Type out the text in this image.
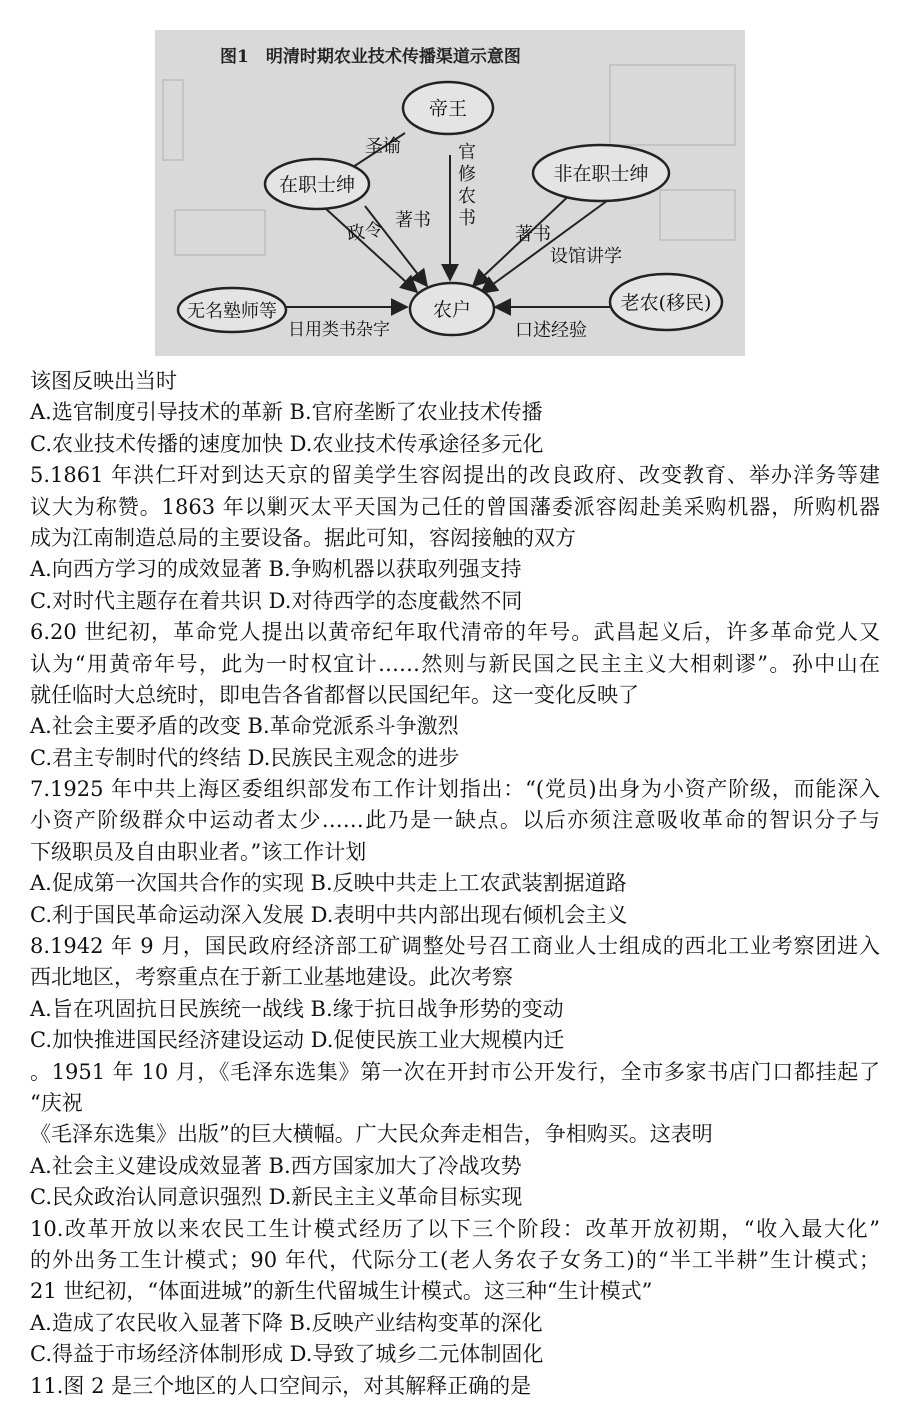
图1　明清时期农业技术传播渠道示意图
帝王
在职士绅	非在职士绅
农户
无名塾师等	老农(移民)
圣谕	官
修
农
书
政令 著书
著书
设馆讲学
日用类书杂字	口述经验
该图反映出当时
A.选官制度引导技术的革新 B.官府垄断了农业技术传播
C.农业技术传播的速度加快 D.农业技术传承途径多元化
5.1861 年洪仁玕对到达天京的留美学生容闳提出的改良政府、改变教育、举办洋务等建
议大为称赞。1863 年以剿灭太平天国为己任的曾国藩委派容闳赴美采购机器，所购机器
成为江南制造总局的主要设备。据此可知，容闳接触的双方
A.向西方学习的成效显著 B.争购机器以获取列强支持
C.对时代主题存在着共识 D.对待西学的态度截然不同
6.20 世纪初，革命党人提出以黄帝纪年取代清帝的年号。武昌起义后，许多革命党人又
认为“用黄帝年号，此为一时权宜计……然则与新民国之民主主义大相刺谬”。孙中山在
就任临时大总统时，即电告各省都督以民国纪年。这一变化反映了
A.社会主要矛盾的改变 B.革命党派系斗争激烈
C.君主专制时代的终结 D.民族民主观念的进步
7.1925 年中共上海区委组织部发布工作计划指出：“(党员)出身为小资产阶级，而能深入
小资产阶级群众中运动者太少……此乃是一缺点。以后亦须注意吸收革命的智识分子与
下级职员及自由职业者。”该工作计划
A.促成第一次国共合作的实现 B.反映中共走上工农武装割据道路
C.利于国民革命运动深入发展 D.表明中共内部出现右倾机会主义
8.1942 年 9 月，国民政府经济部工矿调整处号召工商业人士组成的西北工业考察团进入
西北地区，考察重点在于新工业基地建设。此次考察
A.旨在巩固抗日民族统一战线 B.缘于抗日战争形势的变动
C.加快推进国民经济建设运动 D.促使民族工业大规模内迁
。1951 年 10 月，《毛泽东选集》第一次在开封市公开发行，全市多家书店门口都挂起了
“庆祝
《毛泽东选集》出版”的巨大横幅。广大民众奔走相告，争相购买。这表明
A.社会主义建设成效显著 B.西方国家加大了冷战攻势
C.民众政治认同意识强烈 D.新民主主义革命目标实现
10.改革开放以来农民工生计模式经历了以下三个阶段：改革开放初期，“收入最大化”
的外出务工生计模式；90 年代，代际分工(老人务农子女务工)的“半工半耕”生计模式；
21 世纪初，“体面进城”的新生代留城生计模式。这三种“生计模式”
A.造成了农民收入显著下降 B.反映产业结构变革的深化
C.得益于市场经济体制形成 D.导致了城乡二元体制固化
11.图 2 是三个地区的人口空间示，对其解释正确的是
